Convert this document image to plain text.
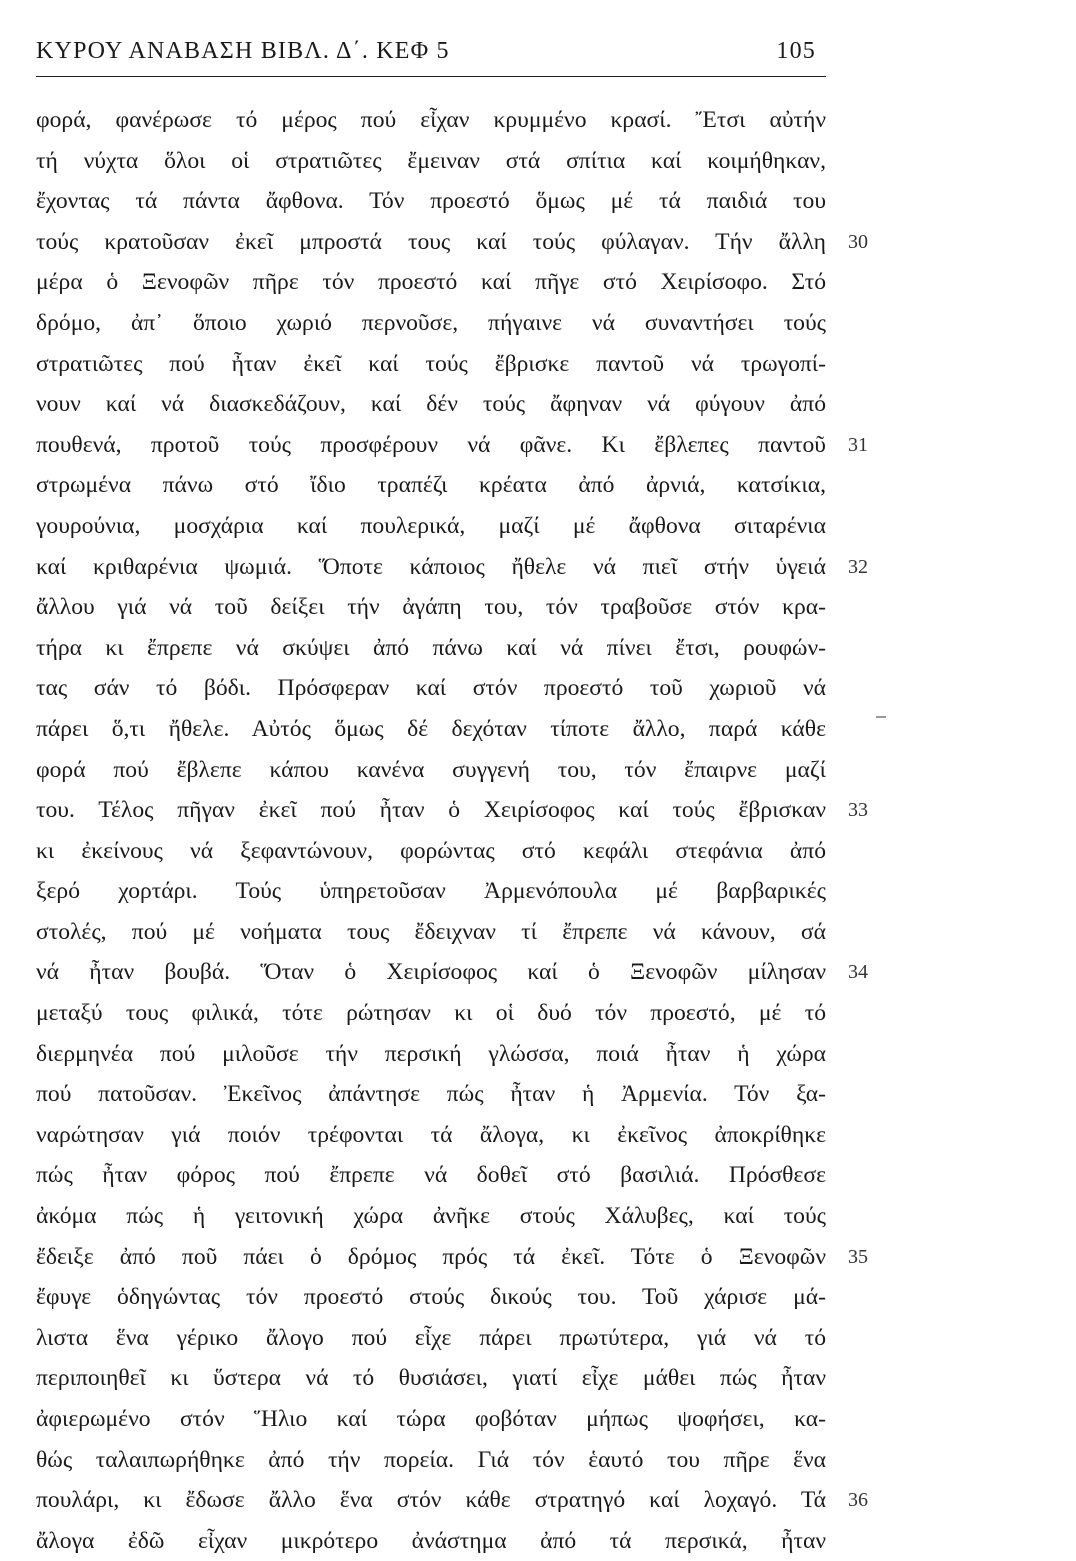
ΚΥΡΟΥ ΑΝΑΒΑΣΗ ΒΙΒΛ. Δ΄. ΚΕΦ 5	105
φορά, φανέρωσε τό μέρος πού εἶχαν κρυμμένο κρασί. Ἔτσι αὐτήν
τή νύχτα ὅλοι οἱ στρατιῶτες ἔμειναν στά σπίτια καί κοιμήθηκαν,
ἔχοντας τά πάντα ἄφθονα. Τόν προεστό ὅμως μέ τά παιδιά του
τούς κρατοῦσαν ἐκεῖ μπροστά τους καί τούς φύλαγαν. Τήν ἄλλη 30
μέρα ὁ Ξενοφῶν πῆρε τόν προεστό καί πῆγε στό Χειρίσοφο. Στό
δρόμο, ἀπ᾽ ὅποιο χωριό περνοῦσε, πήγαινε νά συναντήσει τούς
στρατιῶτες πού ἦταν ἐκεῖ καί τούς ἔβρισκε παντοῦ νά τρωγοπί-
νουν καί νά διασκεδάζουν, καί δέν τούς ἄφηναν νά φύγουν ἀπό
πουθενά, προτοῦ τούς προσφέρουν νά φᾶνε. Κι ἔβλεπες παντοῦ 31
στρωμένα πάνω στό ἴδιο τραπέζι κρέατα ἀπό ἀρνιά, κατσίκια,
γουρούνια, μοσχάρια καί πουλερικά, μαζί μέ ἄφθονα σιταρένια
καί κριθαρένια ψωμιά. Ὅποτε κάποιος ἤθελε νά πιεῖ στήν ὑγειά 32
ἄλλου γιά νά τοῦ δείξει τήν ἀγάπη του, τόν τραβοῦσε στόν κρα-
τήρα κι ἔπρεπε νά σκύψει ἀπό πάνω καί νά πίνει ἔτσι, ρουφών-
τας σάν τό βόδι. Πρόσφεραν καί στόν προεστό τοῦ χωριοῦ νά
πάρει ὅ,τι ἤθελε. Αὐτός ὅμως δέ δεχόταν τίποτε ἄλλο, παρά κάθε
φορά πού ἔβλεπε κάπου κανένα συγγενή του, τόν ἔπαιρνε μαζί
του. Τέλος πῆγαν ἐκεῖ πού ἦταν ὁ Χειρίσοφος καί τούς ἔβρισκαν 33
κι ἐκείνους νά ξεφαντώνουν, φορώντας στό κεφάλι στεφάνια ἀπό
ξερό χορτάρι. Τούς ὑπηρετοῦσαν Ἀρμενόπουλα μέ βαρβαρικές
στολές, πού μέ νοήματα τους ἔδειχναν τί ἔπρεπε νά κάνουν, σά
νά ἦταν βουβά. Ὅταν ὁ Χειρίσοφος καί ὁ Ξενοφῶν μίλησαν 34
μεταξύ τους φιλικά, τότε ρώτησαν κι οἱ δυό τόν προεστό, μέ τό
διερμηνέα πού μιλοῦσε τήν περσική γλώσσα, ποιά ἦταν ἡ χώρα
πού πατοῦσαν. Ἐκεῖνος ἀπάντησε πώς ἦταν ἡ Ἀρμενία. Τόν ξα-
ναρώτησαν γιά ποιόν τρέφονται τά ἄλογα, κι ἐκεῖνος ἀποκρίθηκε
πώς ἦταν φόρος πού ἔπρεπε νά δοθεῖ στό βασιλιά. Πρόσθεσε
ἀκόμα πώς ἡ γειτονική χώρα ἀνῆκε στούς Χάλυβες, καί τούς
ἔδειξε ἀπό ποῦ πάει ὁ δρόμος πρός τά ἐκεῖ. Τότε ὁ Ξενοφῶν 35
ἔφυγε ὁδηγώντας τόν προεστό στούς δικούς του. Τοῦ χάρισε μά-
λιστα ἕνα γέρικο ἄλογο πού εἶχε πάρει πρωτύτερα, γιά νά τό
περιποιηθεῖ κι ὕστερα νά τό θυσιάσει, γιατί εἶχε μάθει πώς ἦταν
ἀφιερωμένο στόν Ἥλιο καί τώρα φοβόταν μήπως ψοφήσει, κα-
θώς ταλαιπωρήθηκε ἀπό τήν πορεία. Γιά τόν ἑαυτό του πῆρε ἕνα
πουλάρι, κι ἔδωσε ἄλλο ἕνα στόν κάθε στρατηγό καί λοχαγό. Τά 36
ἄλογα ἐδῶ εἶχαν μικρότερο ἀνάστημα ἀπό τά περσικά, ἦταν
